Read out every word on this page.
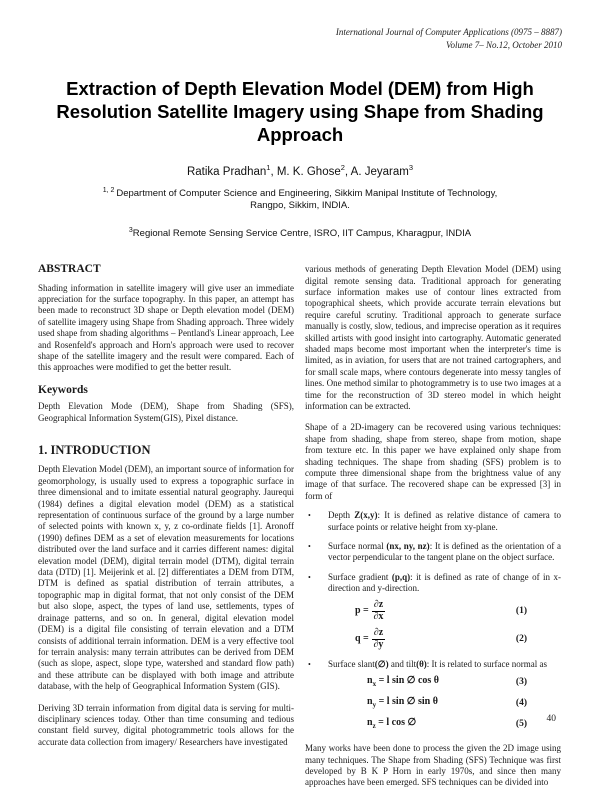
International Journal of Computer Applications (0975 – 8887)
Volume 7– No.12, October 2010
Extraction of Depth Elevation Model (DEM) from High Resolution Satellite Imagery using Shape from Shading Approach
Ratika Pradhan$^1$, M. K. Ghose$^2$, A. Jeyaram$^3$
$^{1, 2}$ Department of Computer Science and Engineering, Sikkim Manipal Institute of Technology,
Rangpo, Sikkim, INDIA.
$^3$Regional Remote Sensing Service Centre, ISRO, IIT Campus, Kharagpur, INDIA
ABSTRACT

Shading information in satellite imagery will give user an immediate appreciation for the surface topography. In this paper, an attempt has been made to reconstruct 3D shape or Depth elevation model (DEM) of satellite imagery using Shape from Shading approach. Three widely used shape from shading algorithms – Pentland's Linear approach, Lee and Rosenfeld's approach and Horn's approach were used to recover shape of the satellite imagery and the result were compared. Each of this approaches were modified to get the better result.

Keywords

Depth Elevation Mode (DEM), Shape from Shading (SFS), Geographical Information System(GIS), Pixel distance.

1. INTRODUCTION

Depth Elevation Model (DEM), an important source of information for geomorphology, is usually used to express a topographic surface in three dimensional and to imitate essential natural geography. Jaurequi (1984) defines a digital elevation model (DEM) as a statistical representation of continuous surface of the ground by a large number of selected points with known x, y, z co-ordinate fields [1]. Aronoff (1990) defines DEM as a set of elevation measurements for locations distributed over the land surface and it carries different names: digital elevation model (DEM), digital terrain model (DTM), digital terrain data (DTD) [1]. Meijerink et al. [2] differentiates a DEM from DTM, DTM is defined as spatial distribution of terrain attributes, a topographic map in digital format, that not only consist of the DEM but also slope, aspect, the types of land use, settlements, types of drainage patterns, and so on. In general, digital elevation model (DEM) is a digital file consisting of terrain elevation and a DTM consists of additional terrain information. DEM is a very effective tool for terrain analysis: many terrain attributes can be derived from DEM (such as slope, aspect, slope type, watershed and standard flow path) and these attribute can be displayed with both image and attribute database, with the help of Geographical Information System (GIS).

Deriving 3D terrain information from digital data is serving for multi-disciplinary sciences today. Other than time consuming and tedious constant field survey, digital photogrammetric tools allows for the accurate data collection from imagery/ Researchers have investigated

various methods of generating Depth Elevation Model (DEM) using digital remote sensing data. Traditional approach for generating surface information makes use of contour lines extracted from topographical sheets, which provide accurate terrain elevations but require careful scrutiny. Traditional approach to generate surface manually is costly, slow, tedious, and imprecise operation as it requires skilled artists with good insight into cartography. Automatic generated shaded maps become most important when the interpreter's time is limited, as in aviation, for users that are not trained cartographers, and for small scale maps, where contours degenerate into messy tangles of lines. One method similar to photogrammetry is to use two images at a time for the reconstruction of 3D stereo model in which height information can be extracted.

Shape of a 2D-imagery can be recovered using various techniques: shape from shading, shape from stereo, shape from motion, shape from texture etc. In this paper we have explained only shape from shading techniques. The shape from shading (SFS) problem is to compute three dimensional shape from the brightness value of any image of that surface. The recovered shape can be expressed [3] in form of

•	Depth Z(x,y): It is defined as relative distance of camera to surface points or relative height from xy-plane.
•	Surface normal (nx, ny, nz): It is defined as the orientation of a vector perpendicular to the tangent plane on the object surface.
•	Surface gradient (p,q): it is defined as rate of change of in x-direction and y-direction.
$p = \frac{\partial z}{\partial x}$	(1)
$q = \frac{\partial z}{\partial y}$	(2)
•	Surface slant(∅) and tilt(θ): It is related to surface normal as
$n_x = l$ sin ∅ cos θ	(3)
$n_y = l$ sin ∅ sin θ	(4)
$n_z = l$ cos ∅	(5)

Many works have been done to process the given the 2D image using many techniques. The Shape from Shading (SFS) Technique was first developed by B K P Horn in early 1970s, and since then many approaches have been emerged. SFS techniques can be divided into

40
